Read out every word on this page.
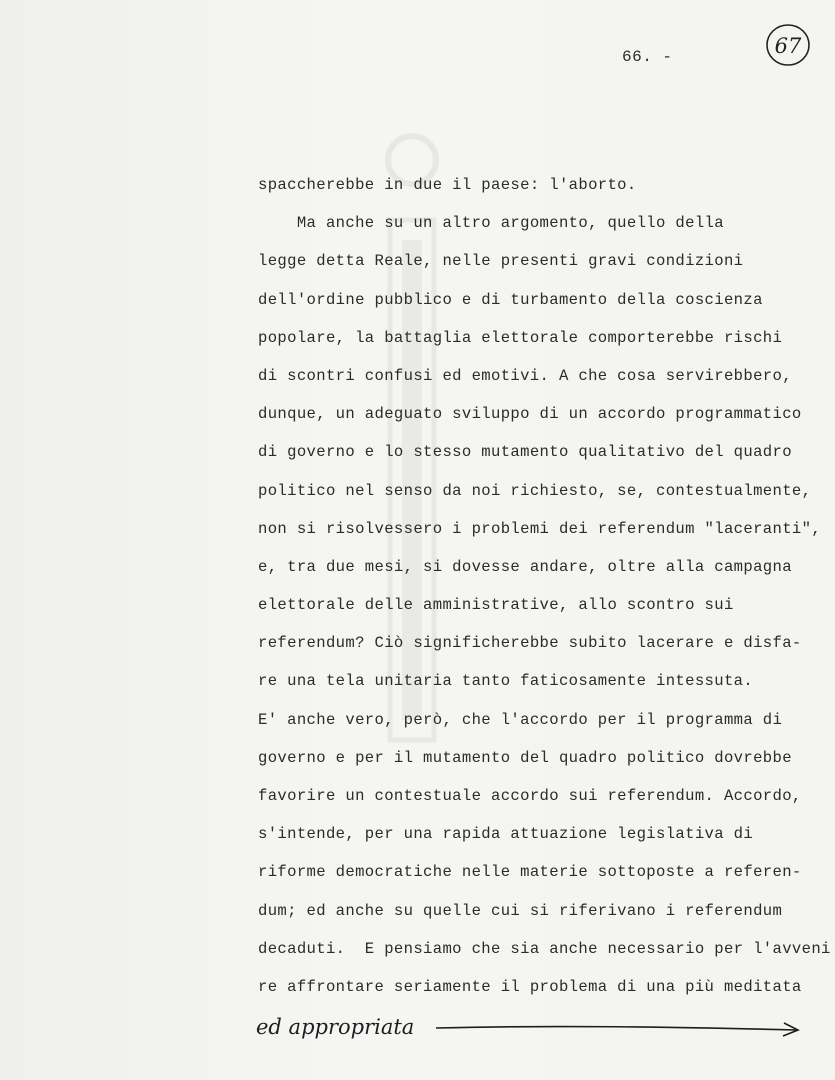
66. -	67
spaccherebbe in due il paese: l'aborto.
Ma anche su un altro argomento, quello della
legge detta Reale, nelle presenti gravi condizioni
dell'ordine pubblico e di turbamento della coscienza
popolare, la battaglia elettorale comporterebbe rischi
di scontri confusi ed emotivi. A che cosa servirebbero,
dunque, un adeguato sviluppo di un accordo programmatico
di governo e lo stesso mutamento qualitativo del quadro
politico nel senso da noi richiesto, se, contestualmente,
non si risolvessero i problemi dei referendum "laceranti",
e, tra due mesi, si dovesse andare, oltre alla campagna
elettorale delle amministrative, allo scontro sui
referendum? Ciò significherebbe subito lacerare e disfa-
re una tela unitaria tanto faticosamente intessuta.
E' anche vero, però, che l'accordo per il programma di
governo e per il mutamento del quadro politico dovrebbe
favorire un contestuale accordo sui referendum. Accordo,
s'intende, per una rapida attuazione legislativa di
riforme democratiche nelle materie sottoposte a referen-
dum; ed anche su quelle cui si riferivano i referendum
decaduti.  E pensiamo che sia anche necessario per l'avveni
re affrontare seriamente il problema di una più meditata
ed appropriata
